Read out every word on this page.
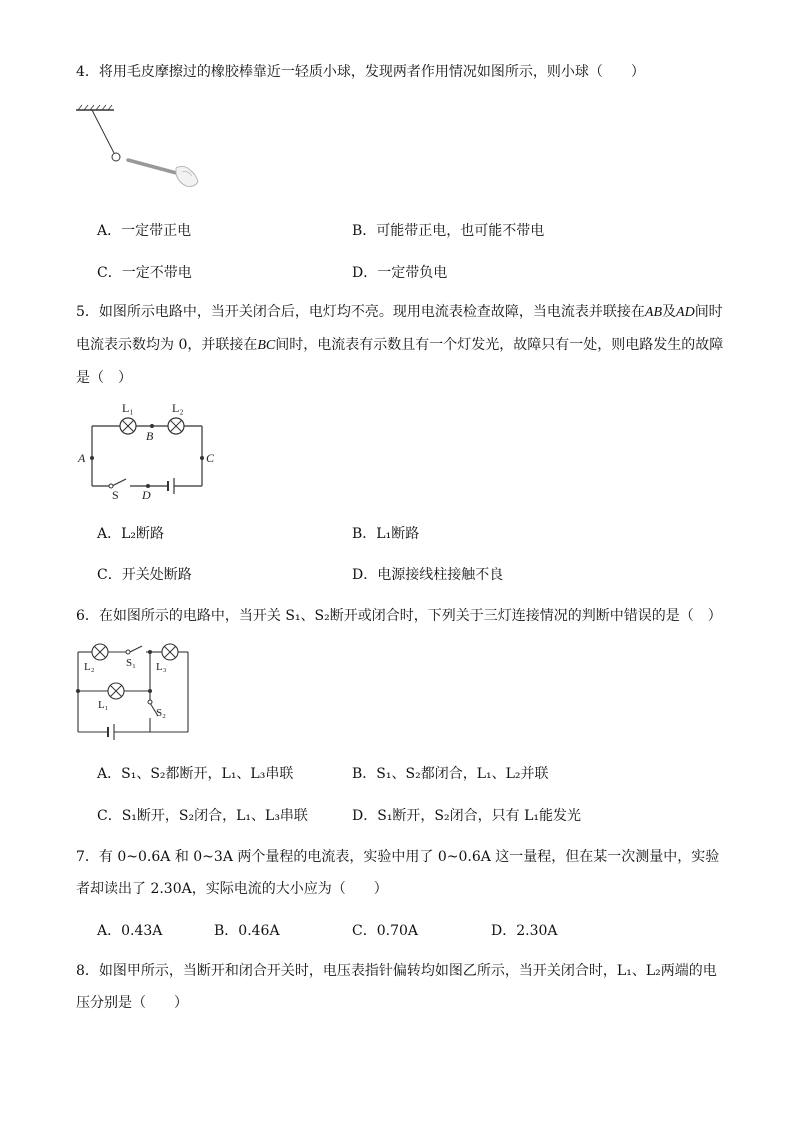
4．将用毛皮摩擦过的橡胶棒靠近一轻质小球，发现两者作用情况如图所示，则小球（　　）
A．一定带正电	B．可能带正电，也可能不带电
C．一定不带电	D．一定带负电
5．如图所示电路中，当开关闭合后，电灯均不亮。现用电流表检查故障，当电流表并联接在AB及AD间时电流表示数均为 0，并联接在BC间时，电流表有示数且有一个灯发光，故障只有一处，则电路发生的故障是（　）
L₁	L₂
B
A	C
D
S
A．L₂断路	B．L₁断路
C．开关处断路	D．电源接线柱接触不良
6．在如图所示的电路中，当开关 S₁、S₂断开或闭合时，下列关于三灯连接情况的判断中错误的是（　）
L₂	S₁ L₃
L₁
S₂
A．S₁、S₂都断开，L₁、L₃串联	B．S₁、S₂都闭合，L₁、L₂并联
C．S₁断开，S₂闭合，L₁、L₃串联	D．S₁断开，S₂闭合，只有 L₁能发光
7．有 0~0.6A 和 0~3A 两个量程的电流表，实验中用了 0~0.6A 这一量程，但在某一次测量中，实验者却读出了 2.30A，实际电流的大小应为（　　）
A．0.43A	B．0.46A	C．0.70A	D．2.30A
8．如图甲所示，当断开和闭合开关时，电压表指针偏转均如图乙所示，当开关闭合时，L₁、L₂两端的电压分别是（　　）
